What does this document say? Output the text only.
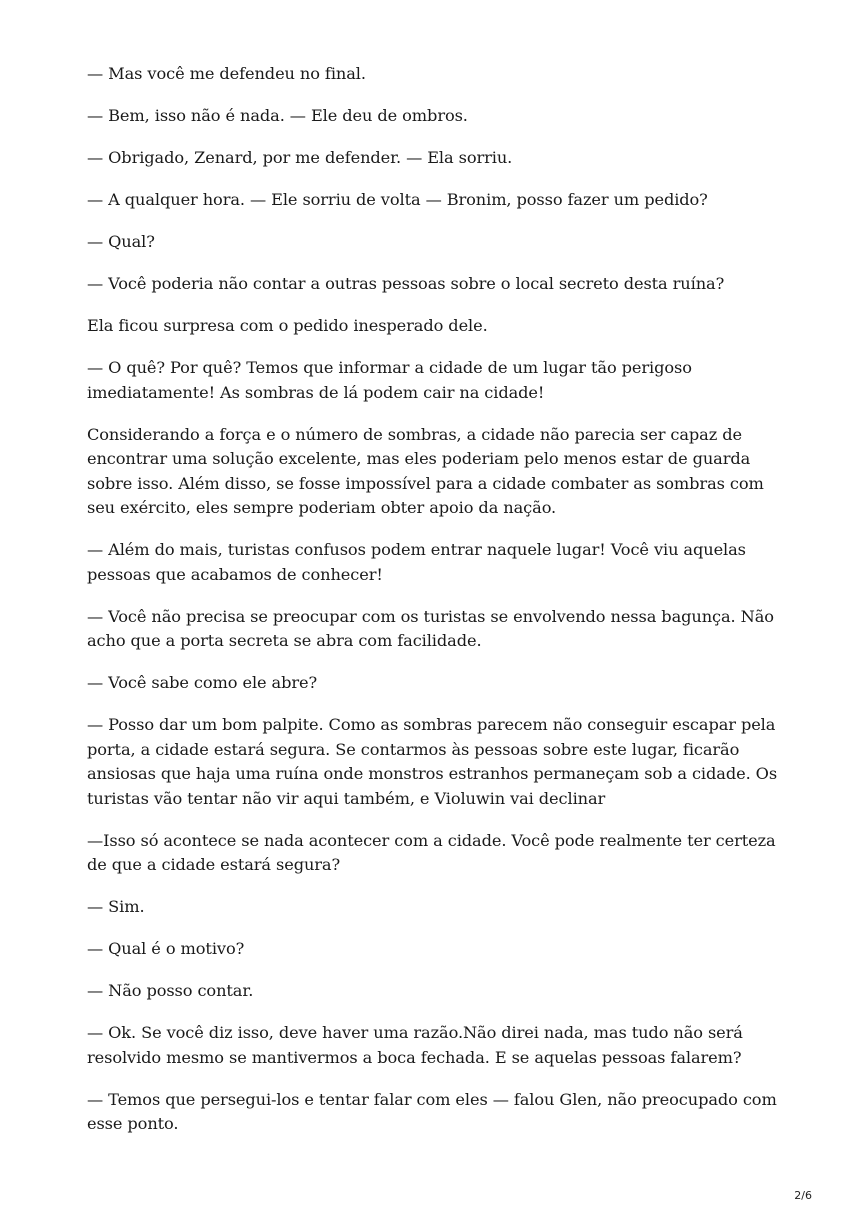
— Mas você me defendeu no final.

— Bem, isso não é nada. — Ele deu de ombros.

— Obrigado, Zenard, por me defender. — Ela sorriu.

— A qualquer hora. — Ele sorriu de volta — Bronim, posso fazer um pedido?

— Qual?

— Você poderia não contar a outras pessoas sobre o local secreto desta ruína?

Ela ficou surpresa com o pedido inesperado dele.

— O quê? Por quê? Temos que informar a cidade de um lugar tão perigoso imediatamente! As sombras de lá podem cair na cidade!

Considerando a força e o número de sombras, a cidade não parecia ser capaz de encontrar uma solução excelente, mas eles poderiam pelo menos estar de guarda sobre isso. Além disso, se fosse impossível para a cidade combater as sombras com seu exército, eles sempre poderiam obter apoio da nação.

— Além do mais, turistas confusos podem entrar naquele lugar! Você viu aquelas pessoas que acabamos de conhecer!

— Você não precisa se preocupar com os turistas se envolvendo nessa bagunça. Não acho que a porta secreta se abra com facilidade.

— Você sabe como ele abre?

— Posso dar um bom palpite. Como as sombras parecem não conseguir escapar pela porta, a cidade estará segura. Se contarmos às pessoas sobre este lugar, ficarão ansiosas que haja uma ruína onde monstros estranhos permaneçam sob a cidade. Os turistas vão tentar não vir aqui também, e Violuwin vai declinar

—Isso só acontece se nada acontecer com a cidade. Você pode realmente ter certeza de que a cidade estará segura?

— Sim.

— Qual é o motivo?

— Não posso contar.

— Ok. Se você diz isso, deve haver uma razão.Não direi nada, mas tudo não será resolvido mesmo se mantivermos a boca fechada. E se aquelas pessoas falarem?

— Temos que persegui-los e tentar falar com eles — falou Glen, não preocupado com esse ponto.

2/6
